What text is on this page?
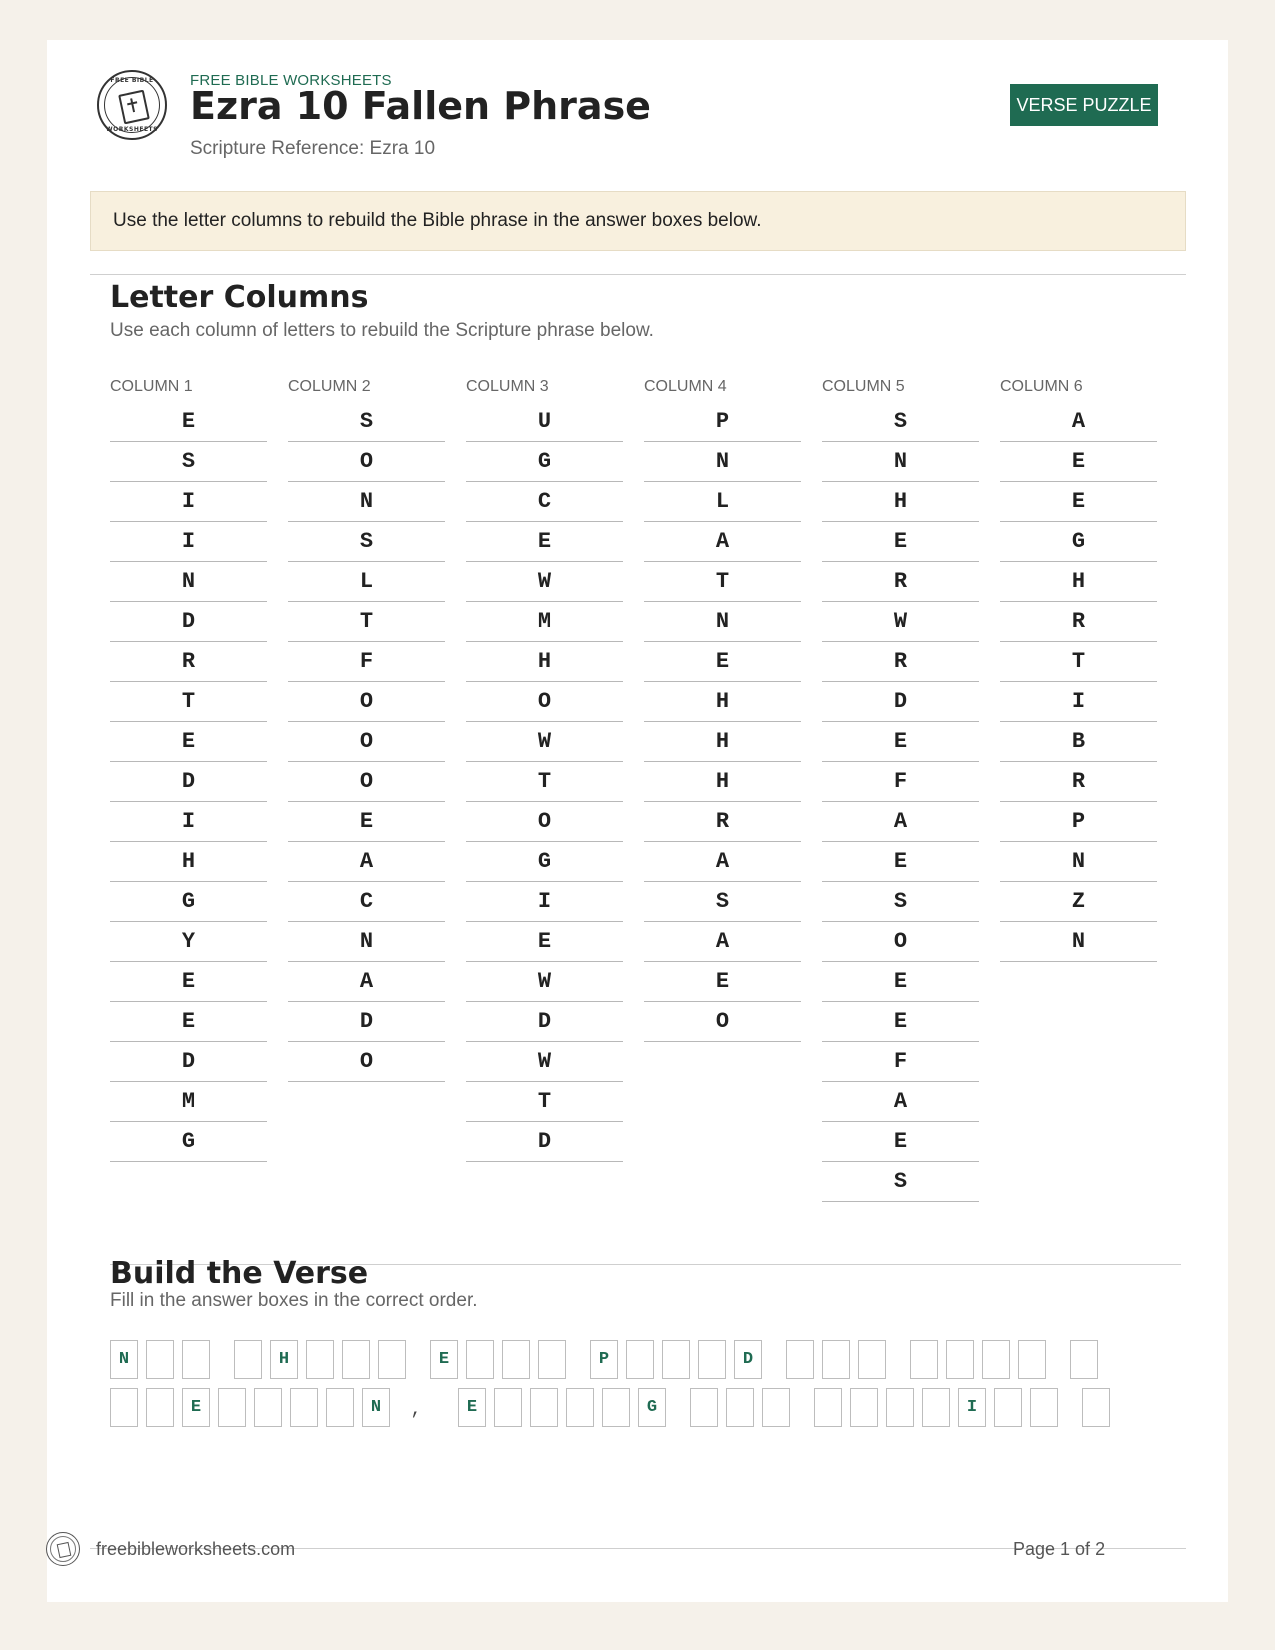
FREE BIBLE
WORKSHEETS
FREE BIBLE WORKSHEETS
Ezra 10 Fallen Phrase
Scripture Reference: Ezra 10
VERSE PUZZLE
Use the letter columns to rebuild the Bible phrase in the answer boxes below.
Letter Columns
Use each column of letters to rebuild the Scripture phrase below.
Build the Verse
Fill in the answer boxes in the correct order.
COLUMN 1
E
S
I
I
N
D
R
T
E
D
I
H
G
Y
E
E
D
M
G
COLUMN 2
S
O
N
S
L
T
F
O
O
O
E
A
C
N
A
D
O
COLUMN 3
U
G
C
E
W
M
H
O
W
T
O
G
I
E
W
D
W
T
D
COLUMN 4
P
N
L
A
T
N
E
H
H
H
R
A
S
A
E
O
COLUMN 5
S
N
H
E
R
W
R
D
E
F
A
E
S
O
E
E
F
A
E
S
COLUMN 6
A
E
E
G
H
R
T
I
B
R
P
N
Z
N
N	H	E	P	D
E	N	,	E	G	I
freebibleworksheets.com	Page 1 of 2
